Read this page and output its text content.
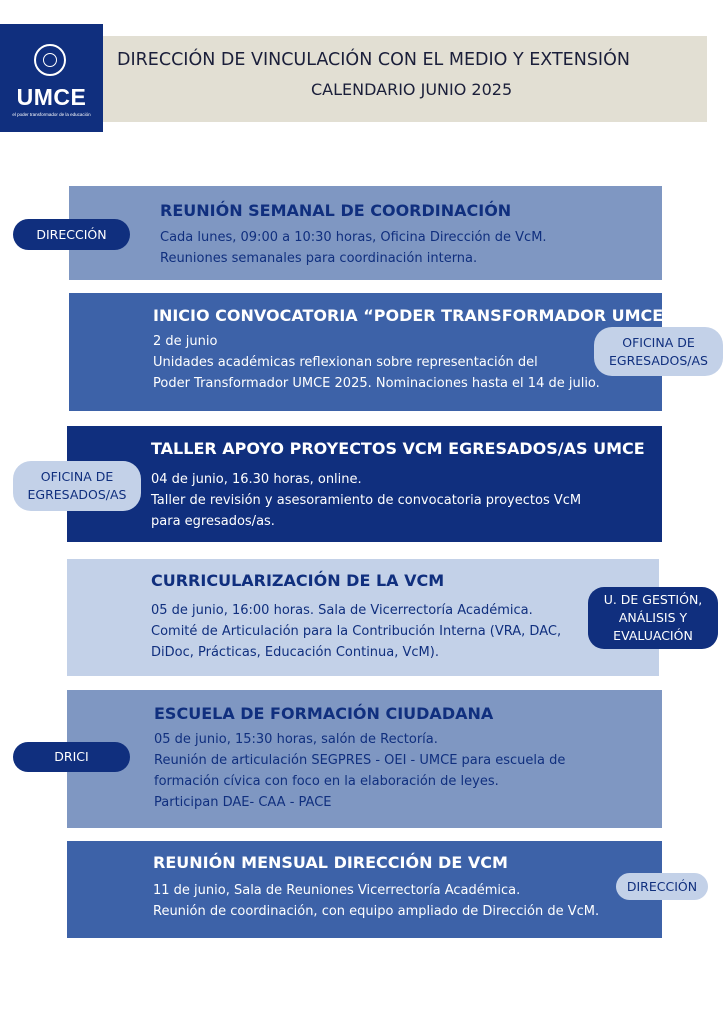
UMCE
el poder transformador de la educación
DIRECCIÓN DE VINCULACIÓN CON EL MEDIO Y EXTENSIÓN
CALENDARIO JUNIO 2025
REUNIÓN SEMANAL DE COORDINACIÓN
Cada lunes, 09:00 a 10:30 horas, Oficina Dirección de VcM.
Reuniones semanales para coordinación interna.
DIRECCIÓN
INICIO CONVOCATORIA “PODER TRANSFORMADOR UMCE”
2 de junio
Unidades académicas reflexionan sobre representación del
Poder Transformador UMCE 2025. Nominaciones hasta el 14 de julio.
OFICINA DE
EGRESADOS/AS
TALLER APOYO PROYECTOS VCM EGRESADOS/AS UMCE
04 de junio, 16.30 horas, online.
Taller de revisión y asesoramiento de convocatoria proyectos VcM
para egresados/as.
OFICINA DE
EGRESADOS/AS
CURRICULARIZACIÓN DE LA VCM
05 de junio, 16:00 horas. Sala de Vicerrectoría Académica.
Comité de Articulación para la Contribución Interna (VRA, DAC,
DiDoc, Prácticas, Educación Continua, VcM).
U. DE GESTIÓN,
ANÁLISIS Y
EVALUACIÓN
ESCUELA DE FORMACIÓN CIUDADANA
05 de junio, 15:30 horas, salón de Rectoría.
Reunión de articulación SEGPRES - OEI - UMCE para escuela de
formación cívica con foco en la elaboración de leyes.
Participan DAE- CAA - PACE
DRICI
REUNIÓN MENSUAL DIRECCIÓN DE VCM
11 de junio, Sala de Reuniones Vicerrectoría Académica.
Reunión de coordinación, con equipo ampliado de Dirección de VcM.
DIRECCIÓN
